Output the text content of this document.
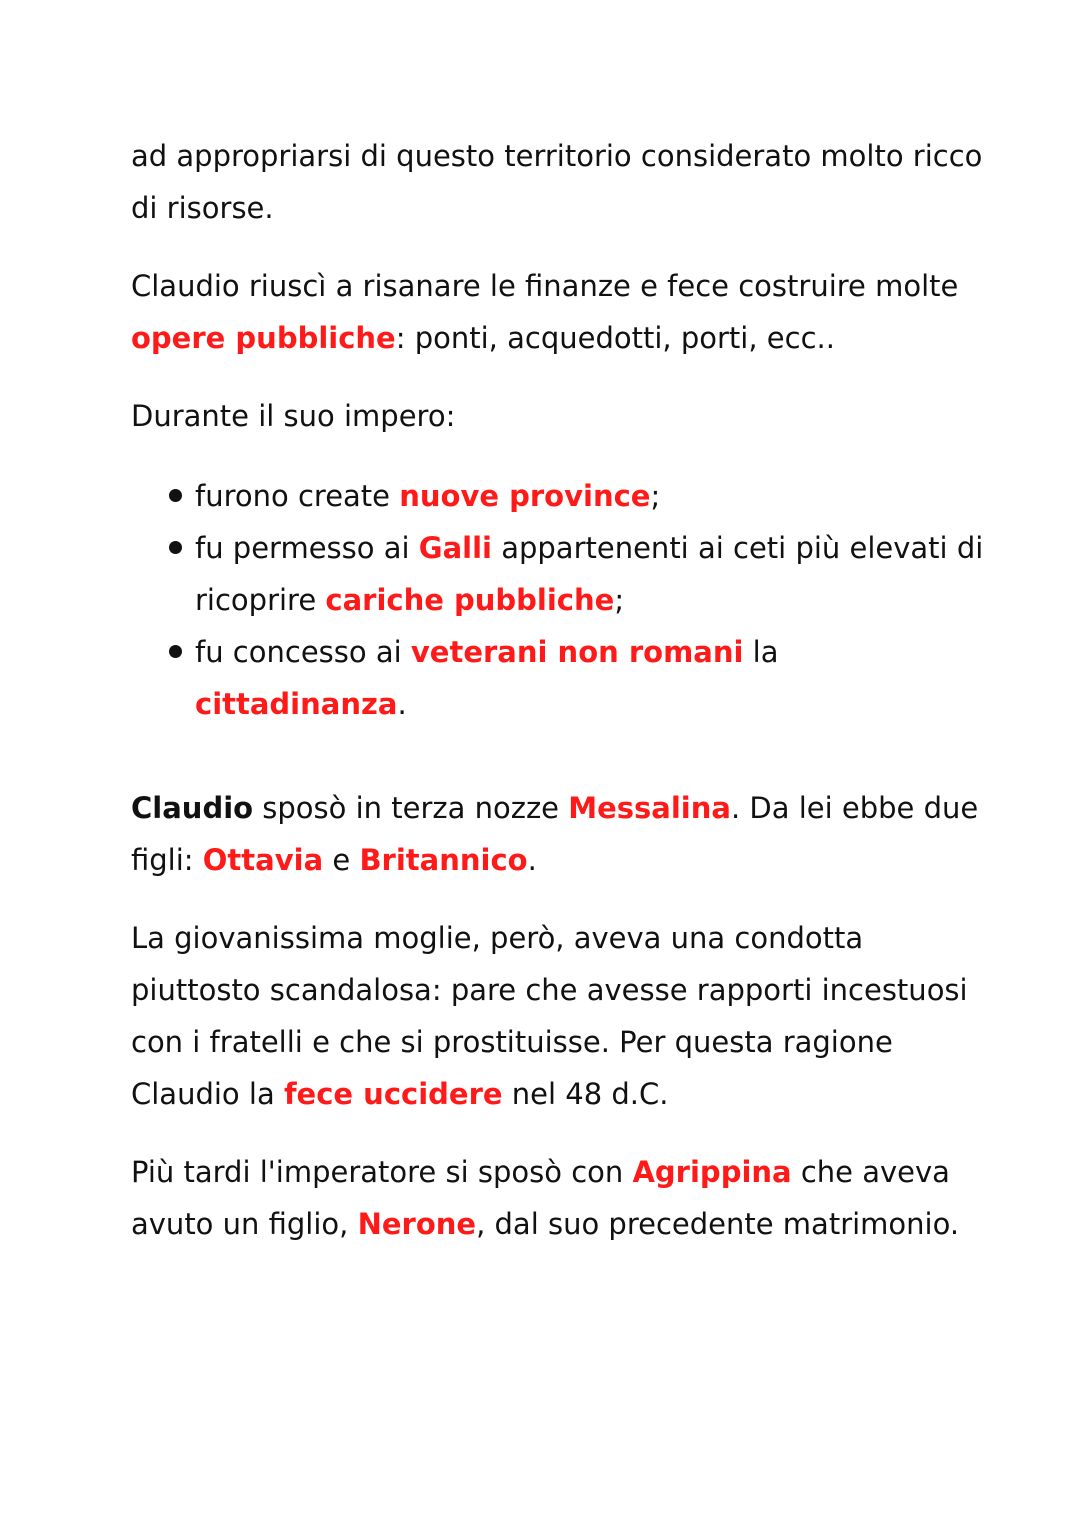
ad appropriarsi di questo territorio considerato molto ricco di risorse.

Claudio riuscì a risanare le finanze e fece costruire molte opere pubbliche: ponti, acquedotti, porti, ecc..

Durante il suo impero:

furono create nuove province;
fu permesso ai Galli appartenenti ai ceti più elevati di ricoprire cariche pubbliche;
fu concesso ai veterani non romani la cittadinanza.

Claudio sposò in terza nozze Messalina. Da lei ebbe due figli: Ottavia e Britannico.

La giovanissima moglie, però, aveva una condotta piuttosto scandalosa: pare che avesse rapporti incestuosi con i fratelli e che si prostituisse. Per questa ragione Claudio la fece uccidere nel 48 d.C.

Più tardi l'imperatore si sposò con Agrippina che aveva avuto un figlio, Nerone, dal suo precedente matrimonio.
